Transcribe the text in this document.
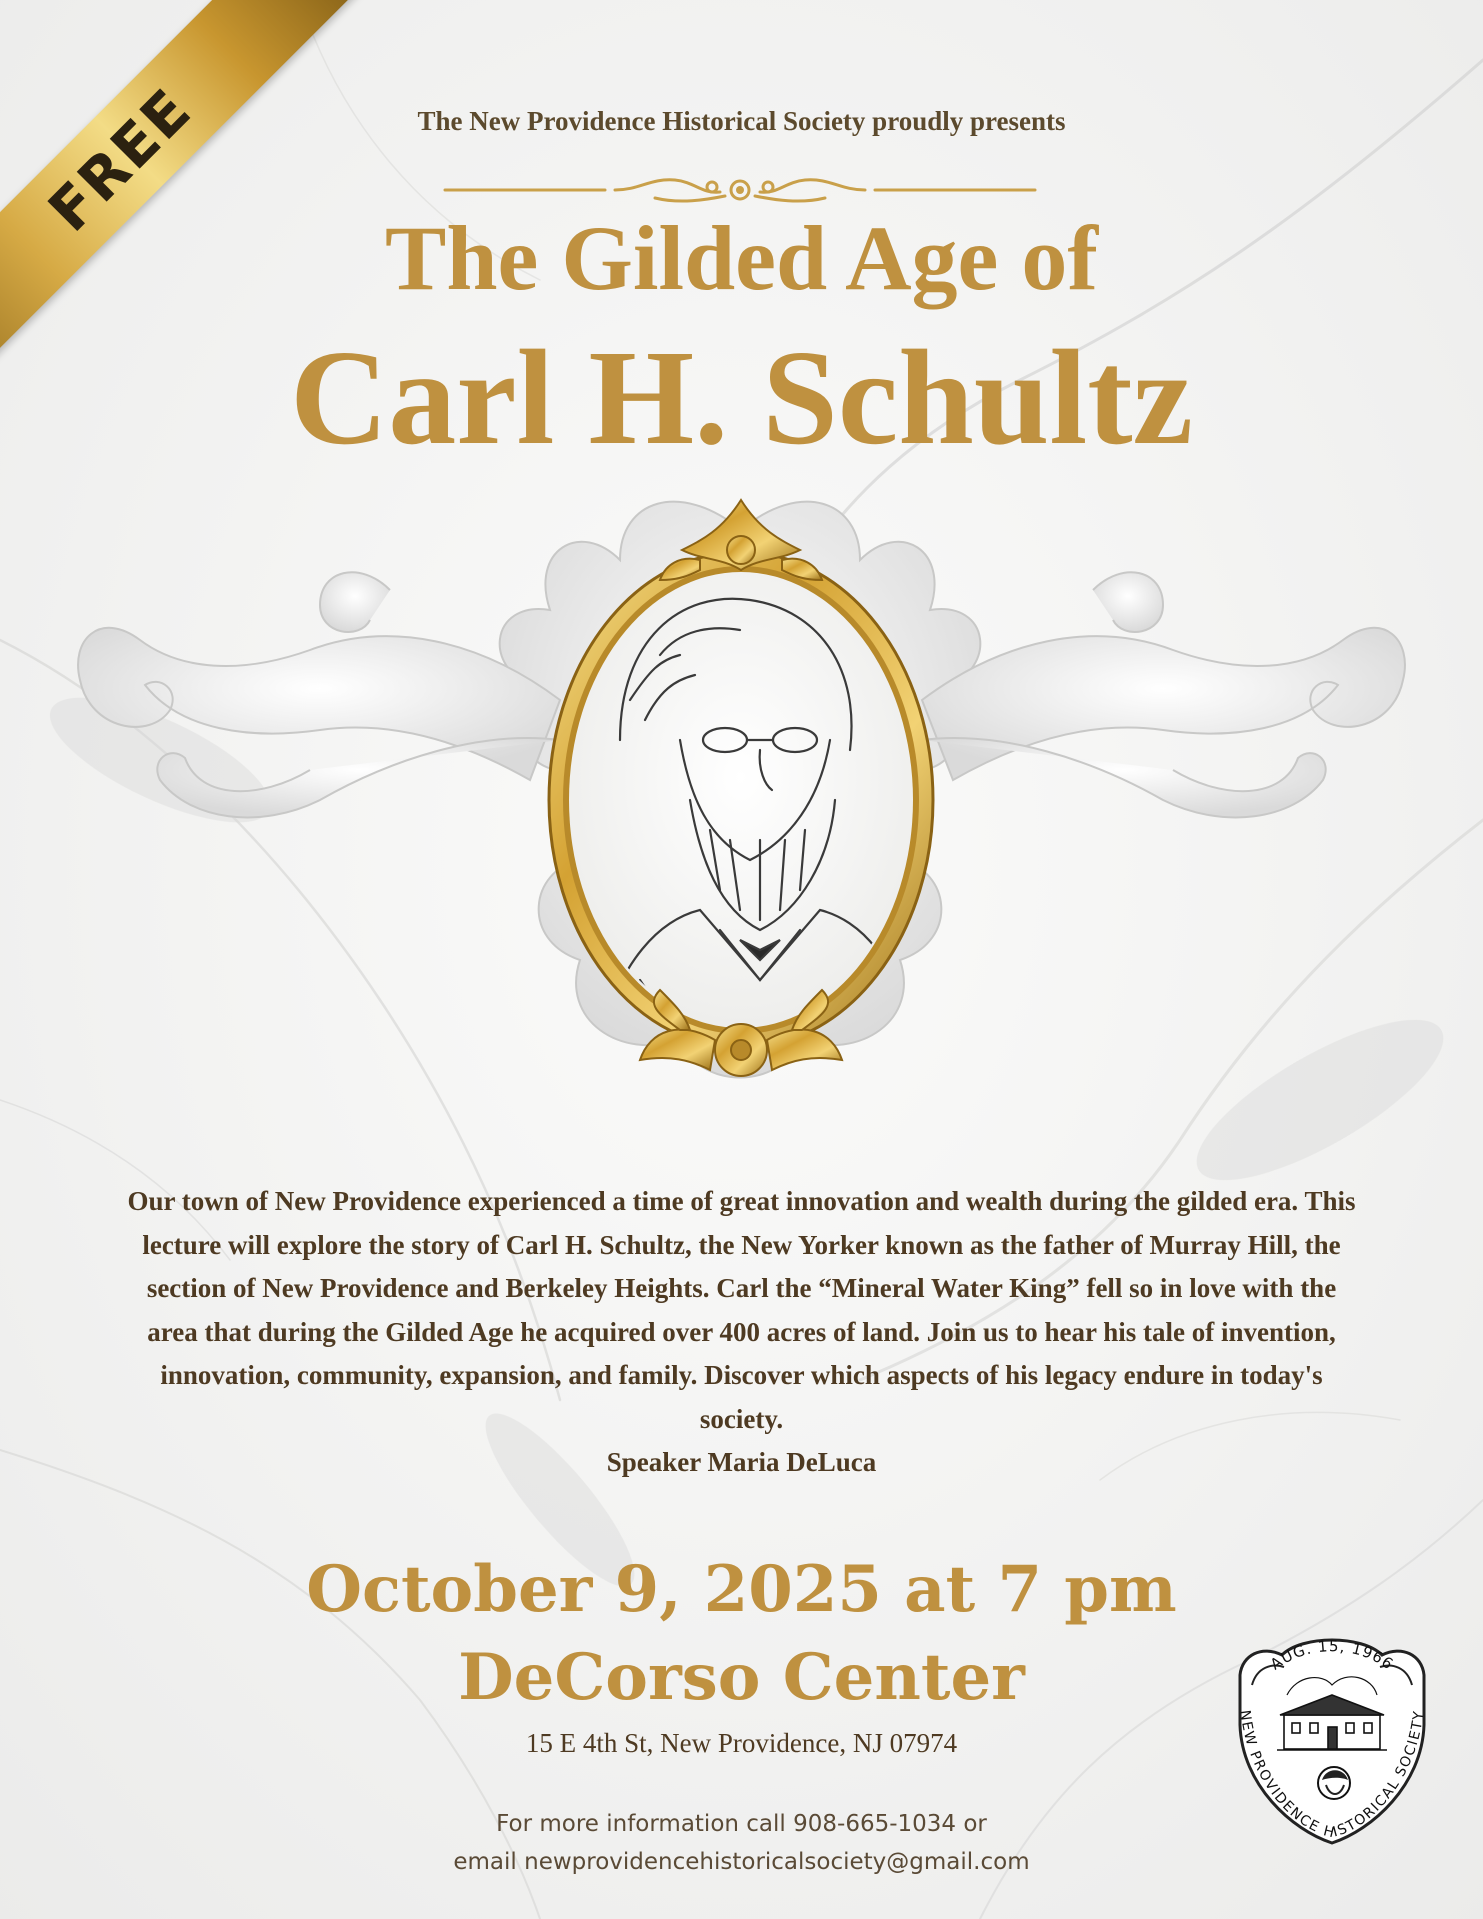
FREE	The New Providence Historical Society proudly presents
The Gilded Age of
Carl H. Schultz

Our town of New Providence experienced a time of great innovation and wealth during the gilded era. This lecture will explore the story of Carl H. Schultz, the New Yorker known as the father of Murray Hill, the section of New Providence and Berkeley Heights. Carl the “Mineral Water King” fell so in love with the area that during the Gilded Age he acquired over 400 acres of land. Join us to hear his tale of invention, innovation, community, expansion, and family. Discover which aspects of his legacy endure in today's society.

Speaker Maria DeLuca

October 9, 2025 at 7 pm
DeCorso Center
15 E 4th St, New Providence, NJ 07974
For more information call 908-665-1034 or
email newprovidencehistoricalsociety@gmail.com
AUG. 15, 1966
NEW PROVIDENCE HISTORICAL SOCIETY
